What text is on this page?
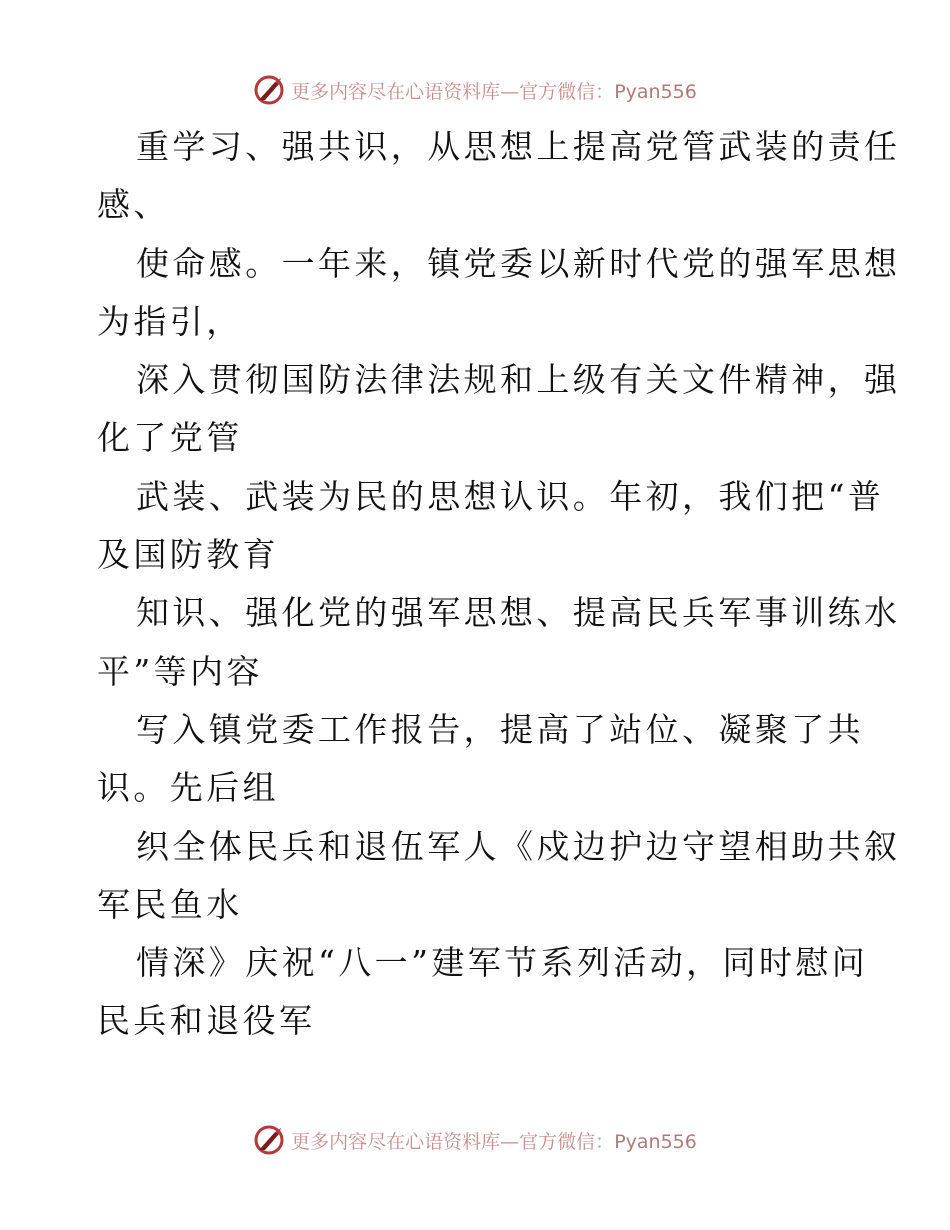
更多内容尽在心语资料库—官方微信：Pyan556
重学习、强共识，从思想上提高党管武装的责任
感、
使命感。一年来，镇党委以新时代党的强军思想
为指引，
深入贯彻国防法律法规和上级有关文件精神，强
化了党管
武装、武装为民的思想认识。年初，我们把“普
及国防教育
知识、强化党的强军思想、提高民兵军事训练水
平”等内容
写入镇党委工作报告，提高了站位、凝聚了共
识。先后组
织全体民兵和退伍军人《戍边护边守望相助共叙
军民鱼水
情深》庆祝“八一”建军节系列活动，同时慰问
民兵和退役军
更多内容尽在心语资料库—官方微信：Pyan556
